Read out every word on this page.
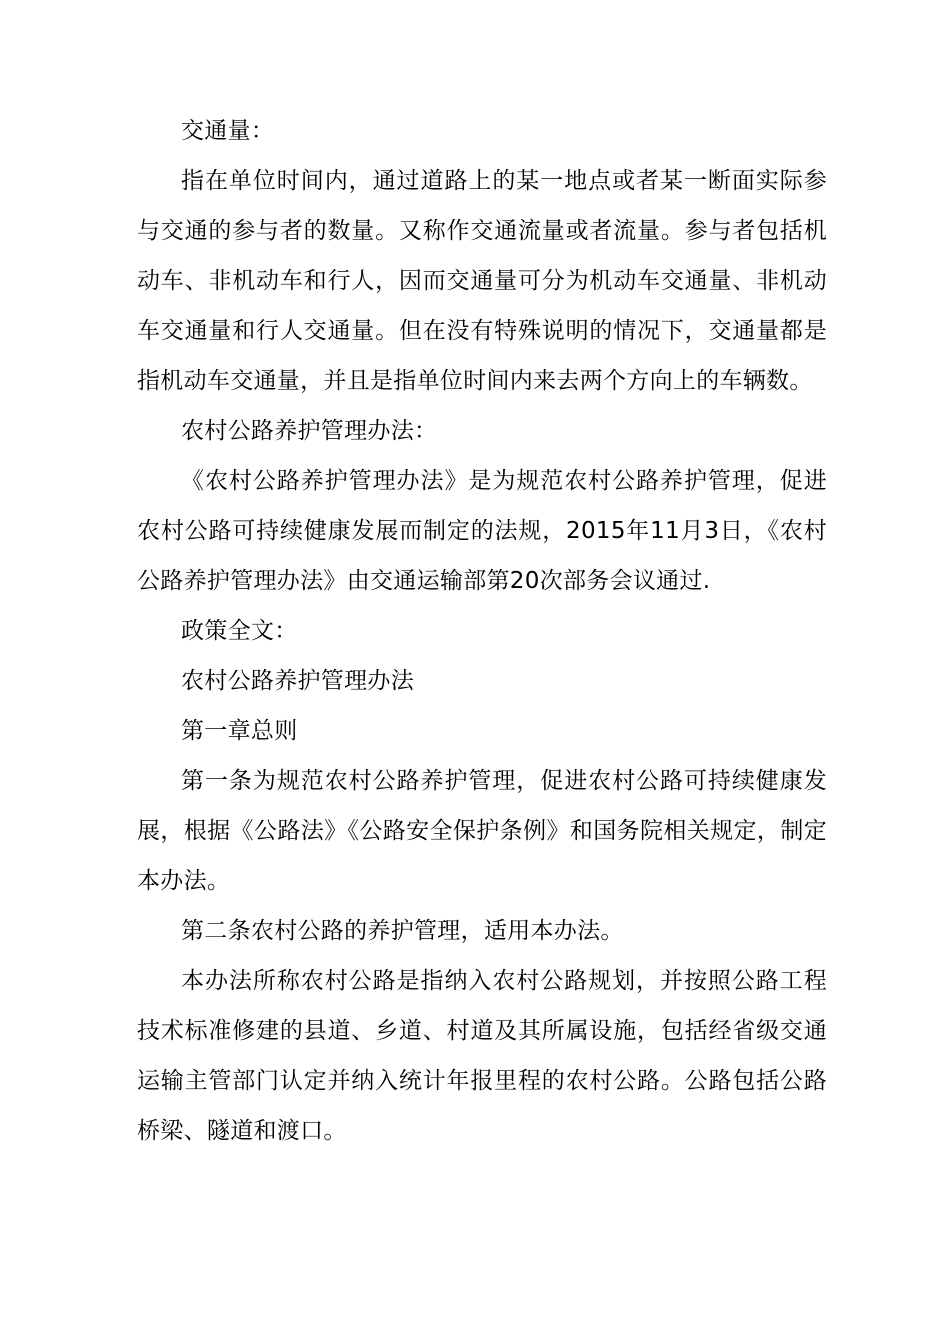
交通量：

指在单位时间内，通过道路上的某一地点或者某一断面实际参与交通的参与者的数量。又称作交通流量或者流量。参与者包括机动车、非机动车和行人，因而交通量可分为机动车交通量、非机动车交通量和行人交通量。但在没有特殊说明的情况下，交通量都是指机动车交通量，并且是指单位时间内来去两个方向上的车辆数。

农村公路养护管理办法：

《农村公路养护管理办法》是为规范农村公路养护管理，促进农村公路可持续健康发展而制定的法规，2015年11月3日，《农村公路养护管理办法》由交通运输部第20次部务会议通过.

政策全文：

农村公路养护管理办法

第一章总则

第一条为规范农村公路养护管理，促进农村公路可持续健康发展，根据《公路法》《公路安全保护条例》和国务院相关规定，制定本办法。

第二条农村公路的养护管理，适用本办法。

本办法所称农村公路是指纳入农村公路规划，并按照公路工程技术标准修建的县道、乡道、村道及其所属设施，包括经省级交通运输主管部门认定并纳入统计年报里程的农村公路。公路包括公路桥梁、隧道和渡口。
